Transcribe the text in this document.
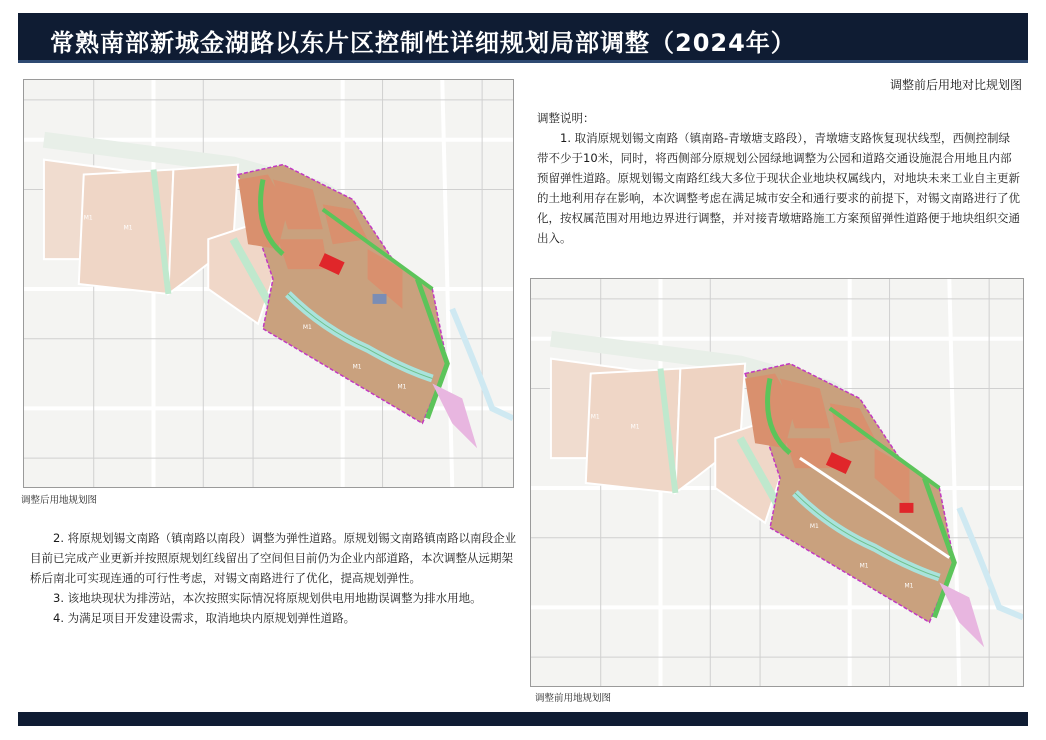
常熟南部新城金湖路以东片区控制性详细规划局部调整（2024年）
调整前后用地对比规划图
M1
M1
M1
M1
M1
调整后用地规划图
M1
M1
M1
M1
M1
调整前用地规划图
调整说明：
1. 取消原规划锡文南路（镇南路-青墩塘支路段），青墩塘支路恢复现状线型，西侧控制绿带不少于10米，同时，将西侧部分原规划公园绿地调整为公园和道路交通设施混合用地且内部预留弹性道路。原规划锡文南路红线大多位于现状企业地块权属线内，对地块未来工业自主更新的土地利用存在影响，本次调整考虑在满足城市安全和通行要求的前提下，对锡文南路进行了优化，按权属范围对用地边界进行调整，并对接青墩塘路施工方案预留弹性道路便于地块组织交通出入。
2. 将原规划锡文南路（镇南路以南段）调整为弹性道路。原规划锡文南路镇南路以南段企业目前已完成产业更新并按照原规划红线留出了空间但目前仍为企业内部道路，本次调整从远期架桥后南北可实现连通的可行性考虑，对锡文南路进行了优化，提高规划弹性。
3. 该地块现状为排涝站，本次按照实际情况将原规划供电用地勘误调整为排水用地。
4. 为满足项目开发建设需求，取消地块内原规划弹性道路。
